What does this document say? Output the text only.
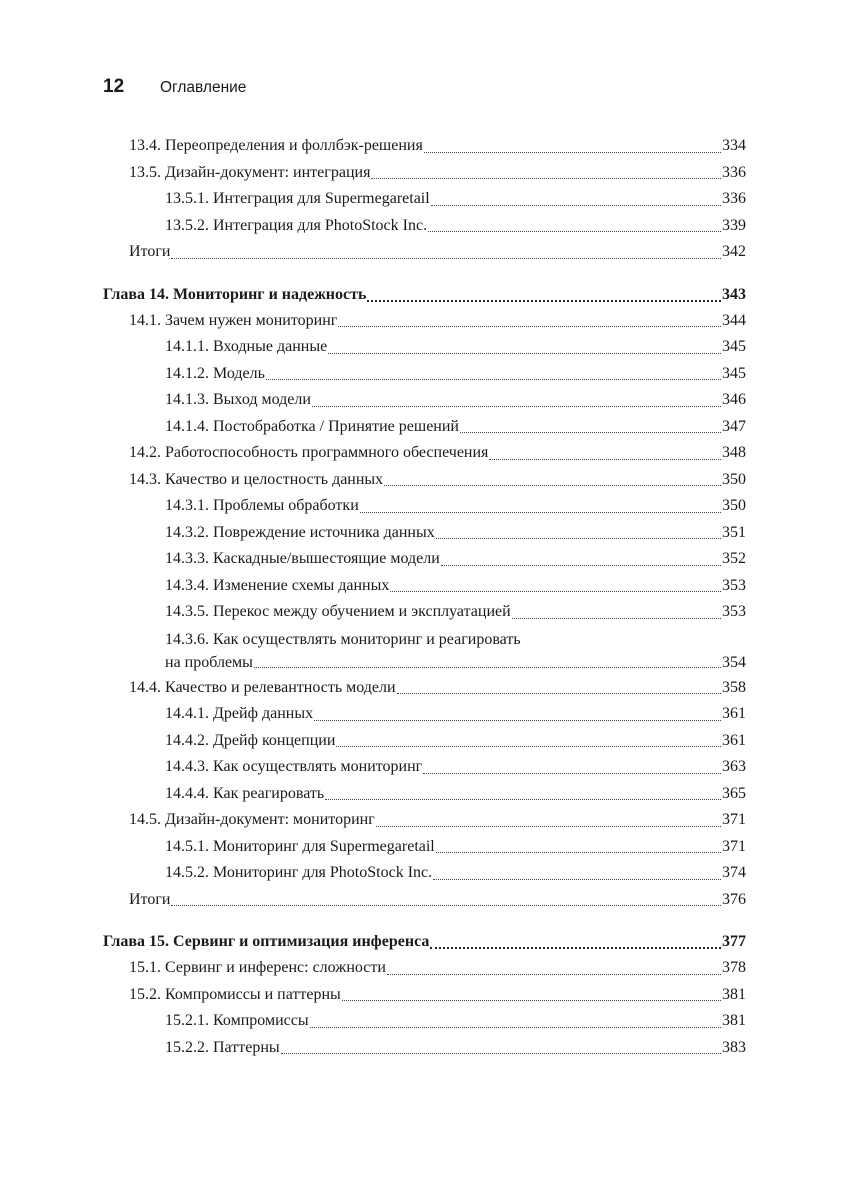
12	Оглавление
13.4. Переопределения и фоллбэк-решения	334
13.5. Дизайн-документ: интеграция	336
13.5.1. Интеграция для Supermegaretail	336
13.5.2. Интеграция для PhotoStock Inc.	339
Итоги	342
Глава 14. Мониторинг и надежность	343
14.1. Зачем нужен мониторинг	344
14.1.1. Входные данные	345
14.1.2. Модель	345
14.1.3. Выход модели	346
14.1.4. Постобработка / Принятие решений	347
14.2. Работоспособность программного обеспечения	348
14.3. Качество и целостность данных	350
14.3.1. Проблемы обработки	350
14.3.2. Повреждение источника данных	351
14.3.3. Каскадные/вышестоящие модели	352
14.3.4. Изменение схемы данных	353
14.3.5. Перекос между обучением и эксплуатацией	353
14.3.6. Как осуществлять мониторинг и реагировать
на проблемы	354
14.4. Качество и релевантность модели	358
14.4.1. Дрейф данных	361
14.4.2. Дрейф концепции	361
14.4.3. Как осуществлять мониторинг	363
14.4.4. Как реагировать	365
14.5. Дизайн-документ: мониторинг	371
14.5.1. Мониторинг для Supermegaretail	371
14.5.2. Мониторинг для PhotoStock Inc.	374
Итоги	376
Глава 15. Сервинг и оптимизация инференса	377
15.1. Сервинг и инференс: сложности	378
15.2. Компромиссы и паттерны	381
15.2.1. Компромиссы	381
15.2.2. Паттерны	383
